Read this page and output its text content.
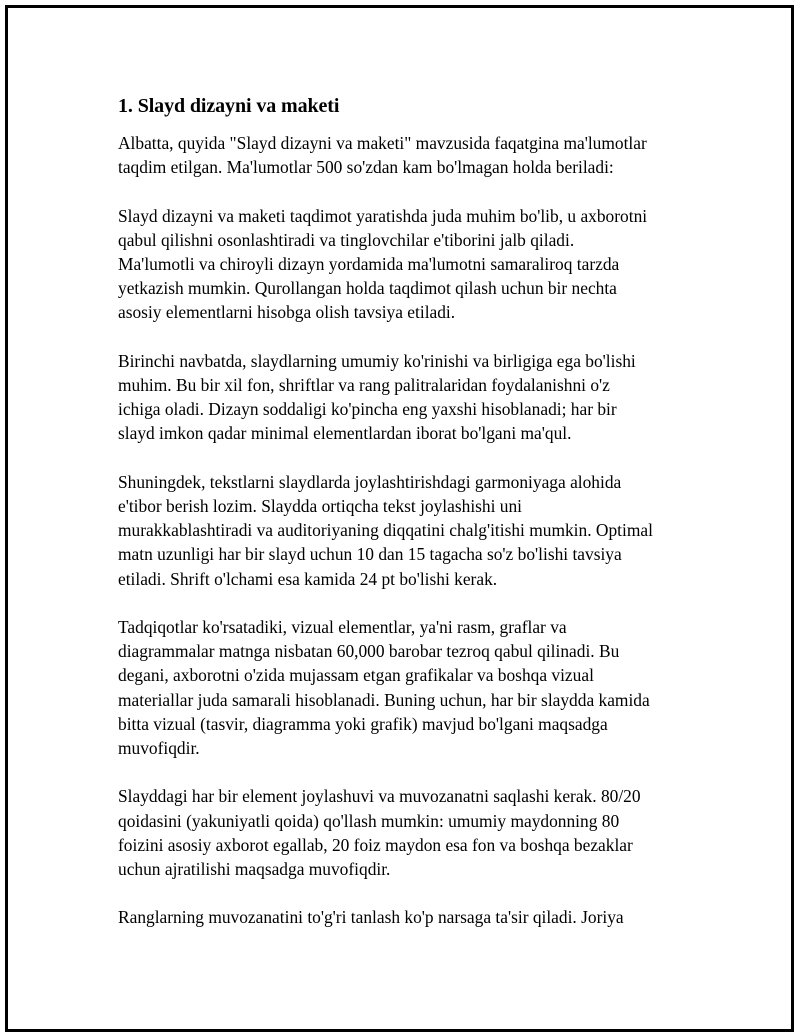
1. Slayd dizayni va maketi

Albatta, quyida "Slayd dizayni va maketi" mavzusida faqatgina ma'lumotlar
taqdim etilgan. Ma'lumotlar 500 so'zdan kam bo'lmagan holda beriladi:

Slayd dizayni va maketi taqdimot yaratishda juda muhim bo'lib, u axborotni
qabul qilishni osonlashtiradi va tinglovchilar e'tiborini jalb qiladi.
Ma'lumotli va chiroyli dizayn yordamida ma'lumotni samaraliroq tarzda
yetkazish mumkin. Qurollangan holda taqdimot qilash uchun bir nechta
asosiy elementlarni hisobga olish tavsiya etiladi.

Birinchi navbatda, slaydlarning umumiy ko'rinishi va birligiga ega bo'lishi
muhim. Bu bir xil fon, shriftlar va rang palitralaridan foydalanishni o'z
ichiga oladi. Dizayn soddaligi ko'pincha eng yaxshi hisoblanadi; har bir
slayd imkon qadar minimal elementlardan iborat bo'lgani ma'qul.

Shuningdek, tekstlarni slaydlarda joylashtirishdagi garmoniyaga alohida
e'tibor berish lozim. Slaydda ortiqcha tekst joylashishi uni
murakkablashtiradi va auditoriyaning diqqatini chalg'itishi mumkin. Optimal
matn uzunligi har bir slayd uchun 10 dan 15 tagacha so'z bo'lishi tavsiya
etiladi. Shrift o'lchami esa kamida 24 pt bo'lishi kerak.

Tadqiqotlar ko'rsatadiki, vizual elementlar, ya'ni rasm, graflar va
diagrammalar matnga nisbatan 60,000 barobar tezroq qabul qilinadi. Bu
degani, axborotni o'zida mujassam etgan grafikalar va boshqa vizual
materiallar juda samarali hisoblanadi. Buning uchun, har bir slaydda kamida
bitta vizual (tasvir, diagramma yoki grafik) mavjud bo'lgani maqsadga
muvofiqdir.

Slayddagi har bir element joylashuvi va muvozanatni saqlashi kerak. 80/20
qoidasini (yakuniyatli qoida) qo'llash mumkin: umumiy maydonning 80
foizini asosiy axborot egallab, 20 foiz maydon esa fon va boshqa bezaklar
uchun ajratilishi maqsadga muvofiqdir.

Ranglarning muvozanatini to'g'ri tanlash ko'p narsaga ta'sir qiladi. Joriya
